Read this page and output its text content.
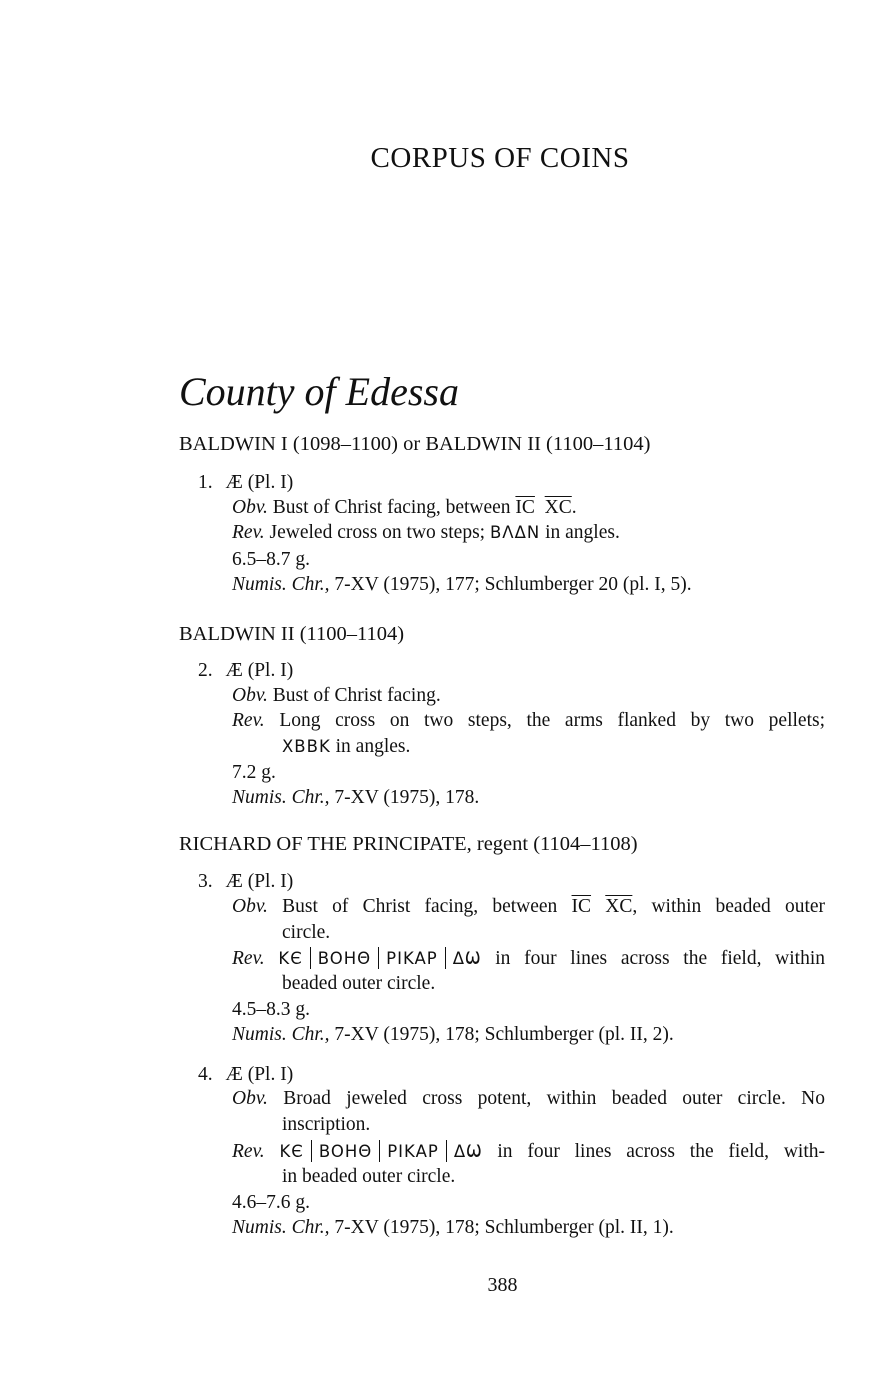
CORPUS OF COINS
County of Edessa
BALDWIN I (1098–1100) or BALDWIN II (1100–1104)
1. Æ (Pl. I)
Obv. Bust of Christ facing, between $\overline{IC}$ $\overline{XC}$.
Rev. Jeweled cross on two steps; BΛΔN in angles.
6.5–8.7 g.
Numis. Chr., 7-XV (1975), 177; Schlumberger 20 (pl. I, 5).
BALDWIN II (1100–1104)
2. Æ (Pl. I)
Obv. Bust of Christ facing.
Rev. Long cross on two steps, the arms flanked by two pellets;
XBBK in angles.
7.2 g.
Numis. Chr., 7-XV (1975), 178.
RICHARD OF THE PRINCIPATE, regent (1104–1108)
3. Æ (Pl. I)
Obv. Bust of Christ facing, between $\overline{IC}$ $\overline{XC}$, within beaded outer
circle.
Rev. KЄ BOHΘ PIKAP ΔѠ in four lines across the field, within
beaded outer circle.
4.5–8.3 g.
Numis. Chr., 7-XV (1975), 178; Schlumberger (pl. II, 2).
4. Æ (Pl. I)
Obv. Broad jeweled cross potent, within beaded outer circle. No
inscription.
Rev. KЄ BOHΘ PIKAP ΔѠ in four lines across the field, with-
in beaded outer circle.
4.6–7.6 g.
Numis. Chr., 7-XV (1975), 178; Schlumberger (pl. II, 1).
388
